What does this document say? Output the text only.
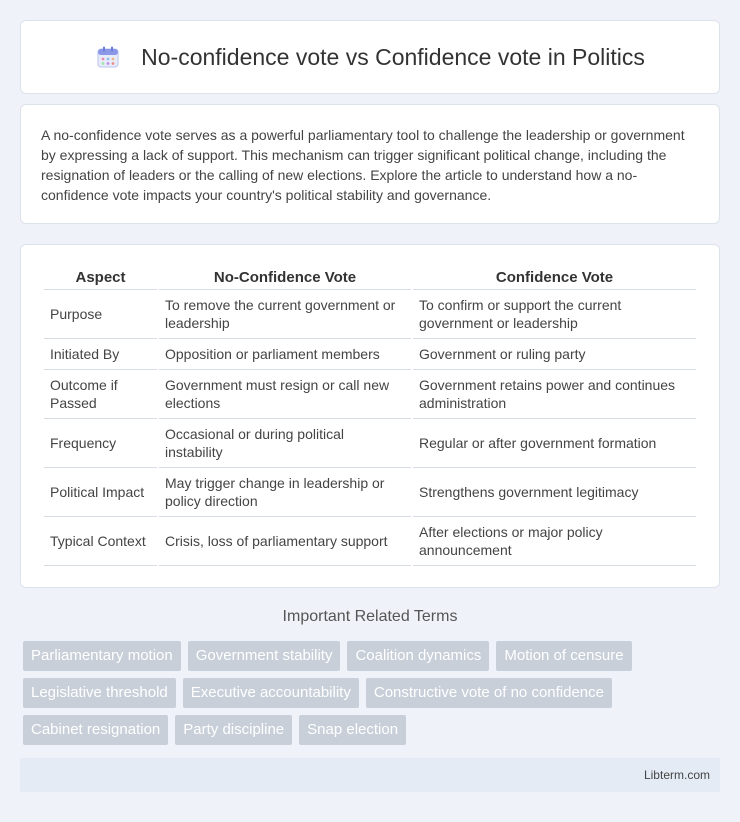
No-confidence vote vs Confidence vote in Politics

A no-confidence vote serves as a powerful parliamentary tool to challenge the leadership or government by expressing a lack of support. This mechanism can trigger significant political change, including the resignation of leaders or the calling of new elections. Explore the article to understand how a no-confidence vote impacts your country's political stability and governance.

Aspect	No-Confidence Vote	Confidence Vote
Purpose	To remove the current government or leadership	To confirm or support the current government or leadership
Initiated By	Opposition or parliament members	Government or ruling party
Outcome if Passed	Government must resign or call new elections	Government retains power and continues administration
Frequency	Occasional or during political instability	Regular or after government formation
Political Impact	May trigger change in leadership or policy direction	Strengthens government legitimacy
Typical Context	Crisis, loss of parliamentary support	After elections or major policy announcement
Important Related Terms
Parliamentary motion	Government stability	Coalition dynamics	Motion of censure
Legislative threshold	Executive accountability	Constructive vote of no confidence
Cabinet resignation	Party discipline	Snap election
Libterm.com
